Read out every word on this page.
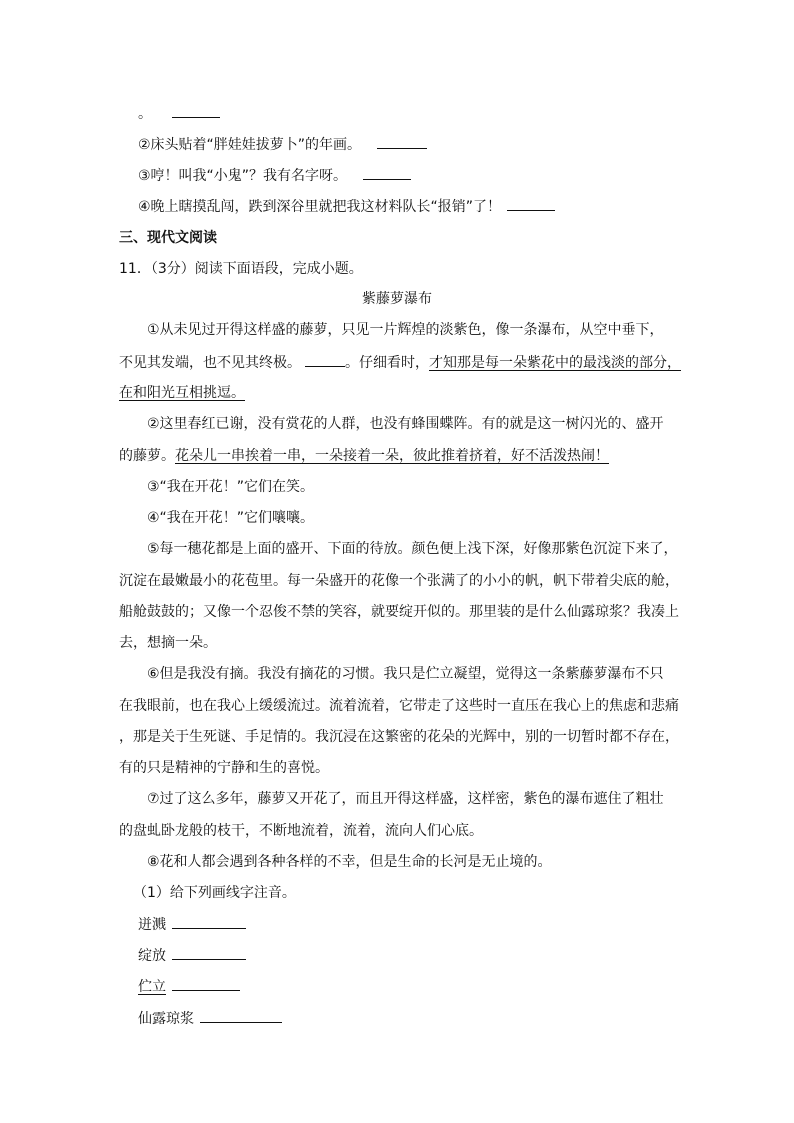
。
②床头贴着“胖娃娃拔萝卜”的年画。
③哼！叫我“小鬼”？我有名字呀。
④晚上瞎摸乱闯，跌到深谷里就把我这材料队长“报销”了！
三、现代文阅读
11．（3分）阅读下面语段，完成小题。
紫藤萝瀑布
①从未见过开得这样盛的藤萝，只见一片辉煌的淡紫色，像一条瀑布，从空中垂下，
不见其发端，也不见其终极。	。仔细看时，才知那是每一朵紫花中的最浅淡的部分，
在和阳光互相挑逗。
②这里春红已谢，没有赏花的人群，也没有蜂围蝶阵。有的就是这一树闪光的、盛开
的藤萝。花朵儿一串挨着一串，一朵接着一朵，彼此推着挤着，好不活泼热闹！
③“我在开花！”它们在笑。
④“我在开花！”它们嚷嚷。
⑤每一穗花都是上面的盛开、下面的待放。颜色便上浅下深，好像那紫色沉淀下来了，
沉淀在最嫩最小的花苞里。每一朵盛开的花像一个张满了的小小的帆，帆下带着尖底的舱，
船舱鼓鼓的；又像一个忍俊不禁的笑容，就要绽开似的。那里装的是什么仙露琼浆？我凑上
去，想摘一朵。
⑥但是我没有摘。我没有摘花的习惯。我只是伫立凝望，觉得这一条紫藤萝瀑布不只
在我眼前，也在我心上缓缓流过。流着流着，它带走了这些时一直压在我心上的焦虑和悲痛
，那是关于生死谜、手足情的。我沉浸在这繁密的花朵的光辉中，别的一切暂时都不存在，
有的只是精神的宁静和生的喜悦。
⑦过了这么多年，藤萝又开花了，而且开得这样盛，这样密，紫色的瀑布遮住了粗壮
的盘虬卧龙般的枝干，不断地流着，流着，流向人们心底。
⑧花和人都会遇到各种各样的不幸，但是生命的长河是无止境的。
（1）给下列画线字注音。
迸溅
绽放
伫立
仙露琼浆
